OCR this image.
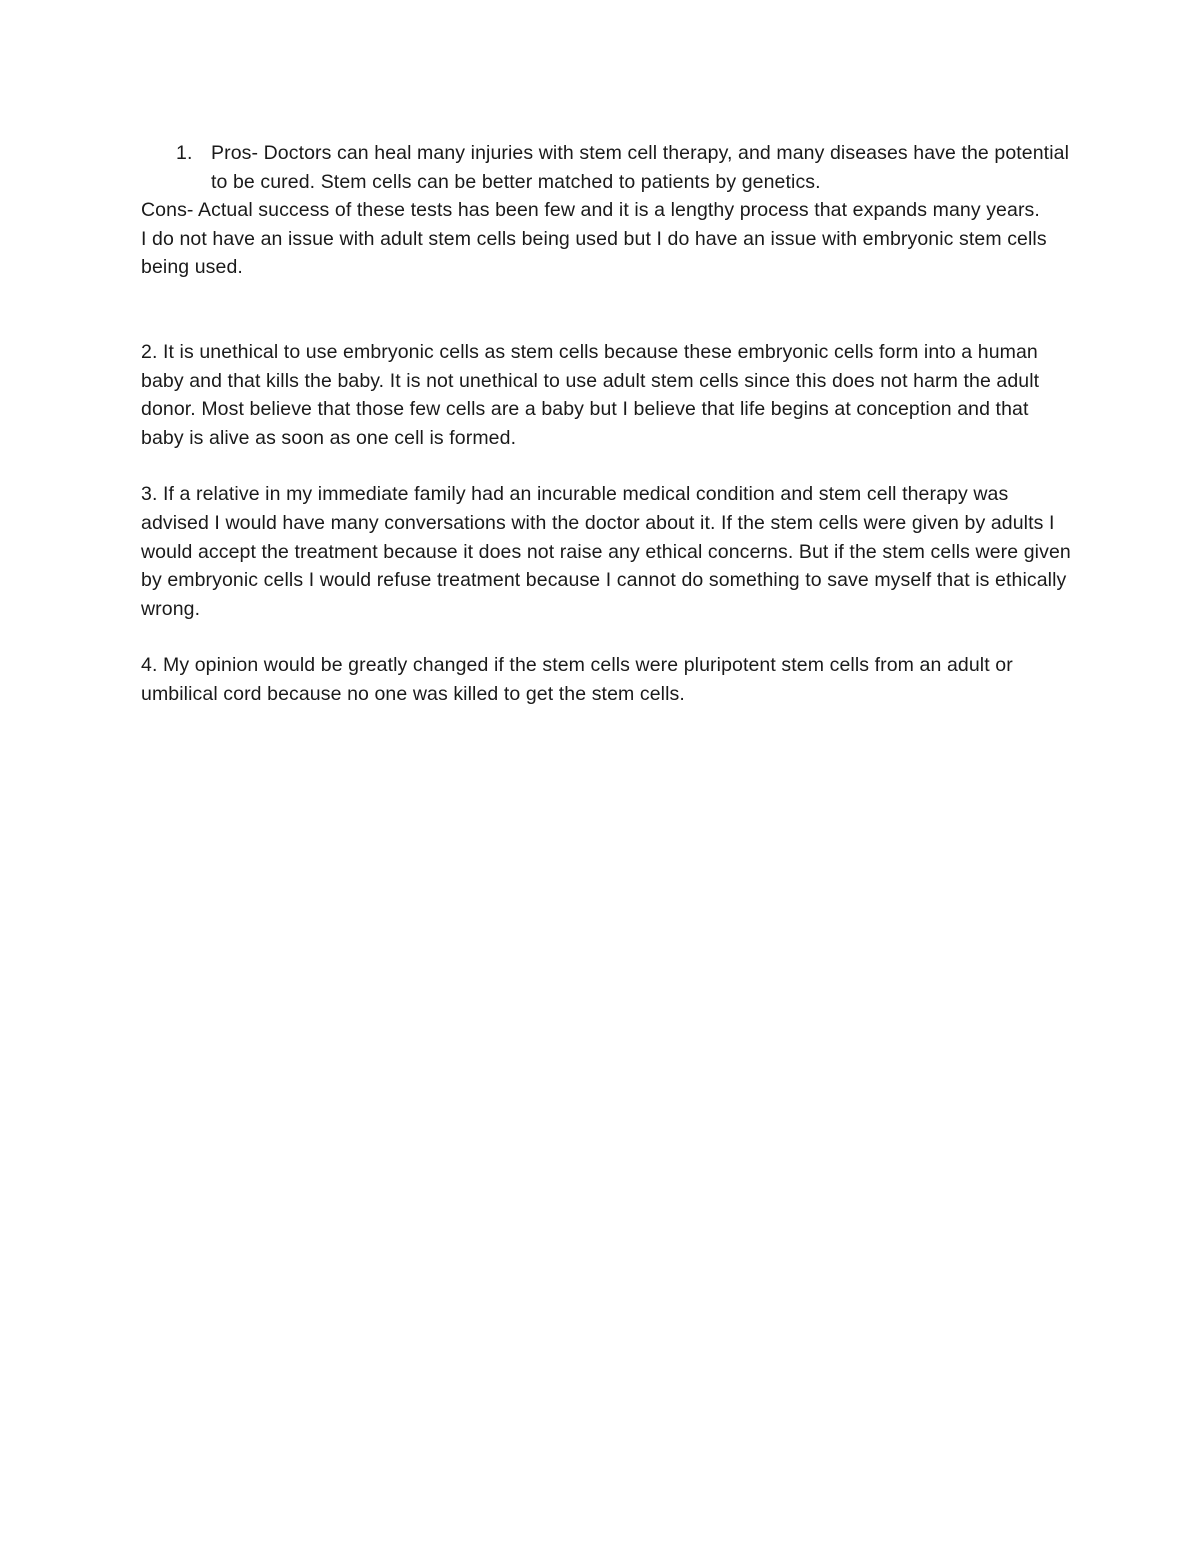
1. Pros- Doctors can heal many injuries with stem cell therapy, and many diseases have the potential to be cured. Stem cells can be better matched to patients by genetics.

Cons- Actual success of these tests has been few and it is a lengthy process that expands many years.

I do not have an issue with adult stem cells being used but I do have an issue with embryonic stem cells being used.

2. It is unethical to use embryonic cells as stem cells because these embryonic cells form into a human baby and that kills the baby. It is not unethical to use adult stem cells since this does not harm the adult donor. Most believe that those few cells are a baby but I believe that life begins at conception and that baby is alive as soon as one cell is formed.

3. If a relative in my immediate family had an incurable medical condition and stem cell therapy was advised I would have many conversations with the doctor about it. If the stem cells were given by adults I would accept the treatment because it does not raise any ethical concerns. But if the stem cells were given by embryonic cells I would refuse treatment because I cannot do something to save myself that is ethically wrong.

4. My opinion would be greatly changed if the stem cells were pluripotent stem cells from an adult or umbilical cord because no one was killed to get the stem cells.
